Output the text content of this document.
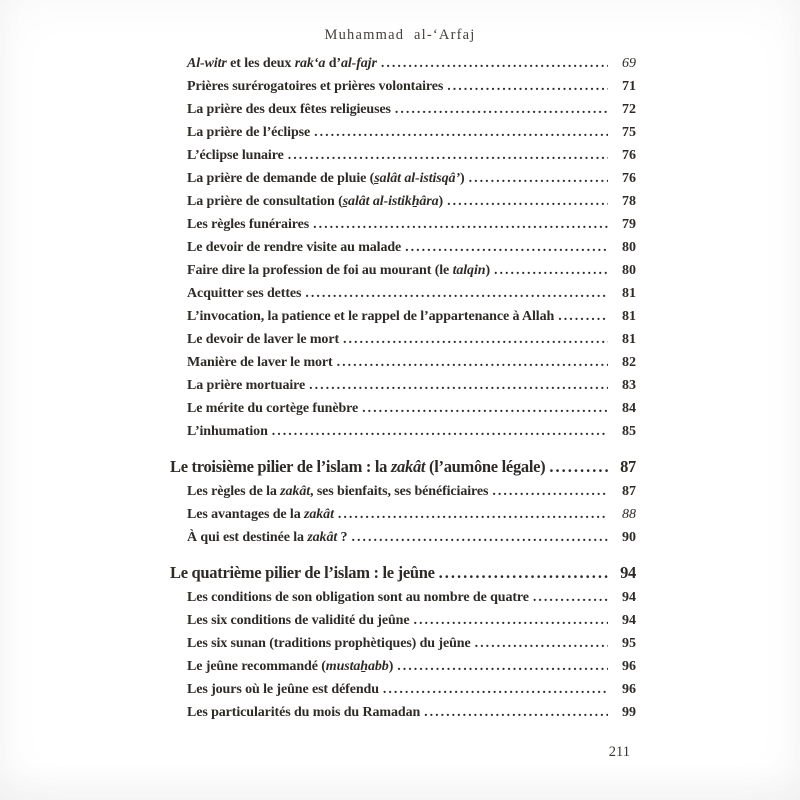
Muhammad al-‘Arfaj
Al-witr et les deux rak‘a d’al-fajr .....	69
Prières surérogatoires et prières volontaires .....	71
La prière des deux fêtes religieuses .....	72
La prière de l’éclipse .....	75
L’éclipse lunaire .....	76
La prière de demande de pluie (s̱alât al-istisqâ’) .....	76
La prière de consultation (s̱alât al-istikẖâra) .....	78
Les règles funéraires .....	79
Le devoir de rendre visite au malade .....	80
Faire dire la profession de foi au mourant (le talqin) .....	80
Acquitter ses dettes .....	81
L’invocation, la patience et le rappel de l’appartenance à Allah .....	81
Le devoir de laver le mort .....	81
Manière de laver le mort .....	82
La prière mortuaire .....	83
Le mérite du cortège funèbre .....	84
L’inhumation .....	85
Le troisième pilier de l’islam : la zakât (l’aumône légale) .....	87
Les règles de la zakât, ses bienfaits, ses bénéficiaires .....	87
Les avantages de la zakât .....	88
À qui est destinée la zakât ? .....	90
Le quatrième pilier de l’islam : le jeûne .....	94
Les conditions de son obligation sont au nombre de quatre .....	94
Les six conditions de validité du jeûne .....	94
Les six sunan (traditions prophètiques) du jeûne .....	95
Le jeûne recommandé (mustaẖabb) .....	96
Les jours où le jeûne est défendu .....	96
Les particularités du mois du Ramadan .....	99
211
